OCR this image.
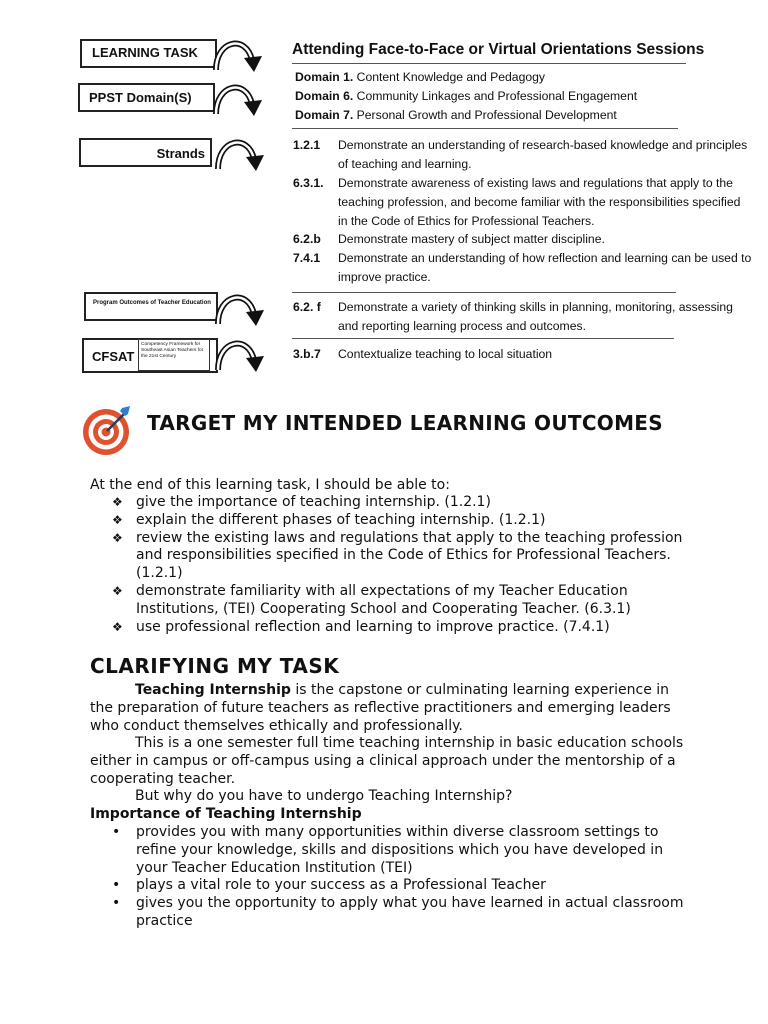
LEARNING TASK
PPST Domain(S)
Strands
Program Outcomes of Teacher Education
CFSAT
Competency Framework for Southeast Asian Teachers for the 21st Century
Attending Face-to-Face or Virtual Orientations Sessions
Domain 1. Content Knowledge and Pedagogy
Domain 6. Community Linkages and Professional Engagement
Domain 7. Personal Growth and Professional Development
1.2.1 Demonstrate an understanding of research-based knowledge and principles of teaching and learning.
6.3.1. Demonstrate awareness of existing laws and regulations that apply to the teaching profession, and become familiar with the responsibilities specified in the Code of Ethics for Professional Teachers.
6.2.b Demonstrate mastery of subject matter discipline.
7.4.1 Demonstrate an understanding of how reflection and learning can be used to improve practice.
6.2. f Demonstrate a variety of thinking skills in planning, monitoring, assessing and reporting learning process and outcomes.
3.b.7 Contextualize teaching to local situation
TARGET MY INTENDED LEARNING OUTCOMES
At the end of this learning task, I should be able to:
❖ give the importance of teaching internship. (1.2.1)
❖ explain the different phases of teaching internship. (1.2.1)
❖ review the existing laws and regulations that apply to the teaching profession and responsibilities specified in the Code of Ethics for Professional Teachers. (1.2.1)
❖ demonstrate familiarity with all expectations of my Teacher Education Institutions, (TEI) Cooperating School and Cooperating Teacher. (6.3.1)
❖ use professional reflection and learning to improve practice. (7.4.1)
CLARIFYING MY TASK
Teaching Internship is the capstone or culminating learning experience in the preparation of future teachers as reflective practitioners and emerging leaders who conduct themselves ethically and professionally.
This is a one semester full time teaching internship in basic education schools either in campus or off-campus using a clinical approach under the mentorship of a cooperating teacher.
But why do you have to undergo Teaching Internship?
Importance of Teaching Internship
• provides you with many opportunities within diverse classroom settings to refine your knowledge, skills and dispositions which you have developed in your Teacher Education Institution (TEI)
• plays a vital role to your success as a Professional Teacher
• gives you the opportunity to apply what you have learned in actual classroom practice
